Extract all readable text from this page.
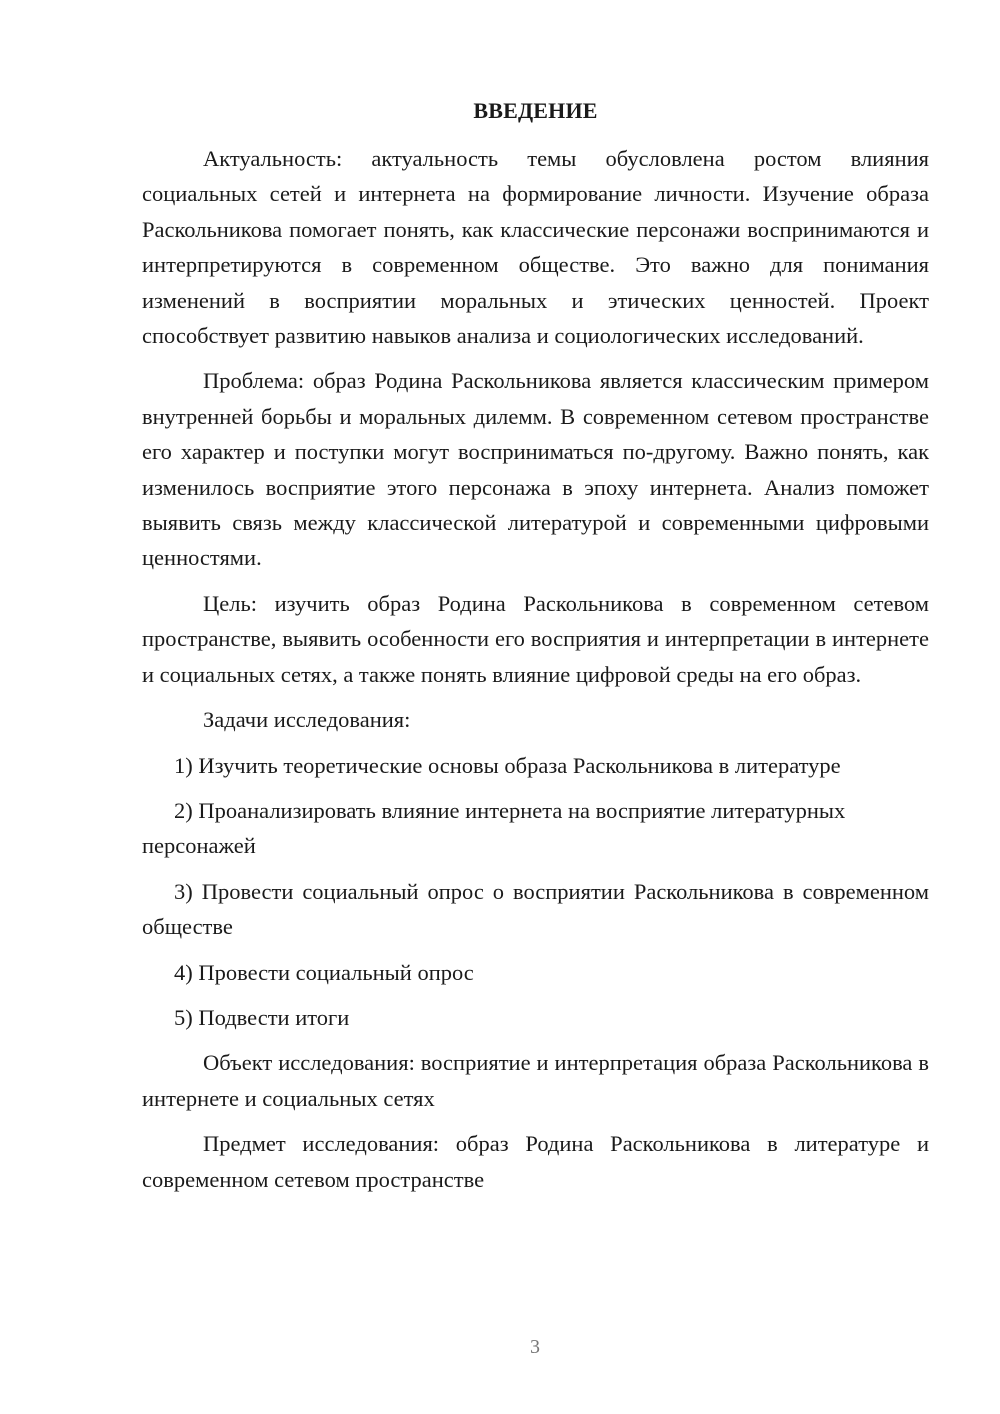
ВВЕДЕНИЕ

Актуальность: актуальность темы обусловлена ростом влияния социальных сетей и интернета на формирование личности. Изучение образа Раскольникова помогает понять, как классические персонажи воспринимаются и интерпретируются в современном обществе. Это важно для понимания изменений в восприятии моральных и этических ценностей. Проект способствует развитию навыков анализа и социологических исследований.

Проблема: образ Родина Раскольникова является классическим примером внутренней борьбы и моральных дилемм. В современном сетевом пространстве его характер и поступки могут восприниматься по-другому. Важно понять, как изменилось восприятие этого персонажа в эпоху интернета. Анализ поможет выявить связь между классической литературой и современными цифровыми ценностями.

Цель: изучить образ Родина Раскольникова в современном сетевом пространстве, выявить особенности его восприятия и интерпретации в интернете и социальных сетях, а также понять влияние цифровой среды на его образ.

Задачи исследования:

1) Изучить теоретические основы образа Раскольникова в литературе

2) Проанализировать влияние интернета на восприятие литературных персонажей

3) Провести социальный опрос о восприятии Раскольникова в современном обществе

4) Провести социальный опрос

5) Подвести итоги

Объект исследования: восприятие и интерпретация образа Раскольникова в интернете и социальных сетях

Предмет исследования: образ Родина Раскольникова в литературе и современном сетевом пространстве

3
